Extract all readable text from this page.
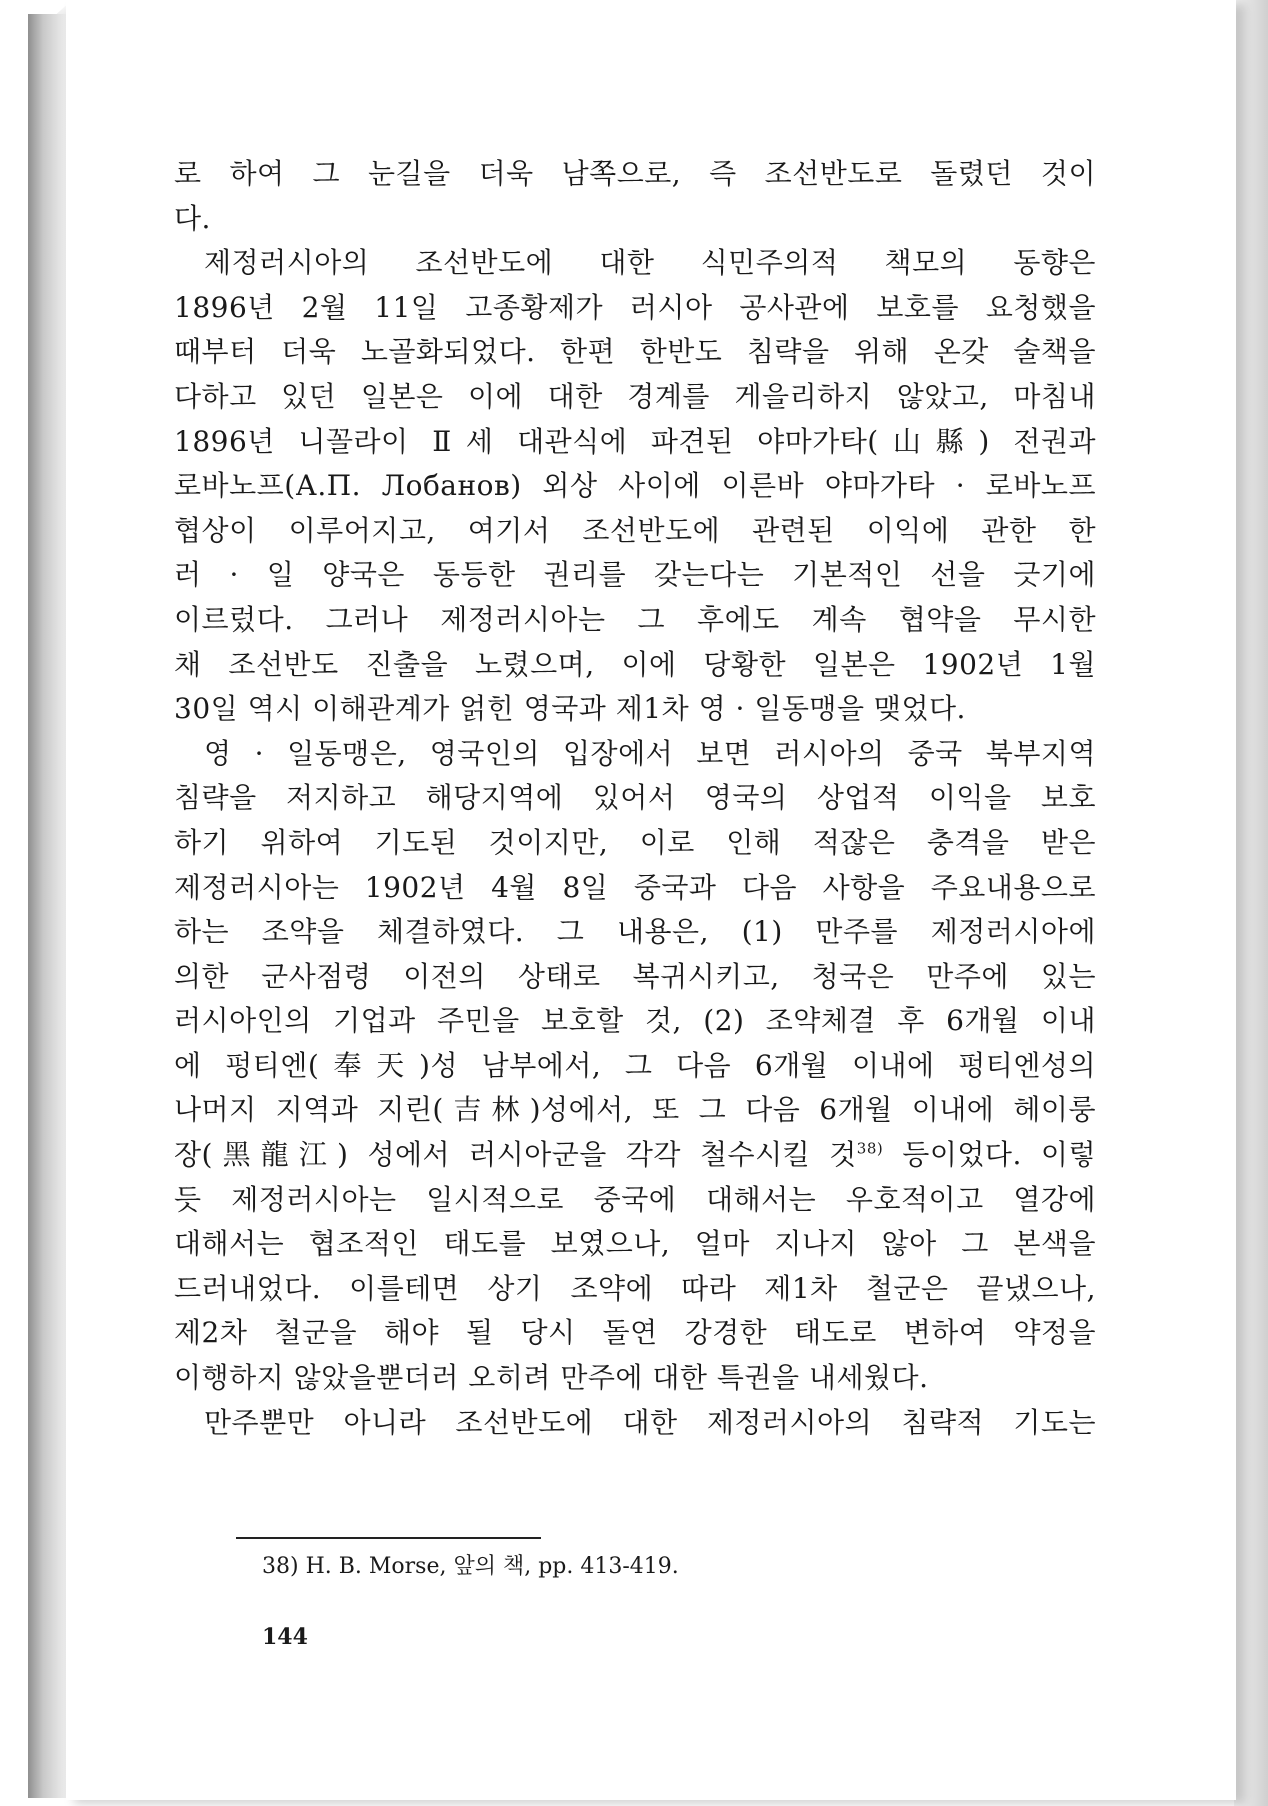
로 하여 그 눈길을 더욱 남쪽으로, 즉 조선반도로 돌렸던 것이
다.
제정러시아의 조선반도에 대한 식민주의적 책모의 동향은
1896년 2월 11일 고종황제가 러시아 공사관에 보호를 요청했을
때부터 더욱 노골화되었다. 한편 한반도 침략을 위해 온갖 술책을
다하고 있던 일본은 이에 대한 경계를 게을리하지 않았고, 마침내
1896년 니꼴라이 Ⅱ세 대관식에 파견된 야마가타(山縣) 전권과
로바노프(А.П. Лобанов) 외상 사이에 이른바 야마가타 · 로바노프
협상이 이루어지고, 여기서 조선반도에 관련된 이익에 관한 한
러 · 일 양국은 동등한 권리를 갖는다는 기본적인 선을 긋기에
이르렀다. 그러나 제정러시아는 그 후에도 계속 협약을 무시한
채 조선반도 진출을 노렸으며, 이에 당황한 일본은 1902년 1월
30일 역시 이해관계가 얽힌 영국과 제1차 영 · 일동맹을 맺었다.
영 · 일동맹은, 영국인의 입장에서 보면 러시아의 중국 북부지역
침략을 저지하고 해당지역에 있어서 영국의 상업적 이익을 보호
하기 위하여 기도된 것이지만, 이로 인해 적잖은 충격을 받은
제정러시아는 1902년 4월 8일 중국과 다음 사항을 주요내용으로
하는 조약을 체결하였다. 그 내용은, (1) 만주를 제정러시아에
의한 군사점령 이전의 상태로 복귀시키고, 청국은 만주에 있는
러시아인의 기업과 주민을 보호할 것, (2) 조약체결 후 6개월 이내
에 펑티엔(奉天)성 남부에서, 그 다음 6개월 이내에 펑티엔성의
나머지 지역과 지린(吉林)성에서, 또 그 다음 6개월 이내에 헤이룽
장(黑龍江) 성에서 러시아군을 각각 철수시킬 것$^{38)}$ 등이었다. 이렇
듯 제정러시아는 일시적으로 중국에 대해서는 우호적이고 열강에
대해서는 협조적인 태도를 보였으나, 얼마 지나지 않아 그 본색을
드러내었다. 이를테면 상기 조약에 따라 제1차 철군은 끝냈으나,
제2차 철군을 해야 될 당시 돌연 강경한 태도로 변하여 약정을
이행하지 않았을뿐더러 오히려 만주에 대한 특권을 내세웠다.
만주뿐만 아니라 조선반도에 대한 제정러시아의 침략적 기도는
38) H. B. Morse, 앞의 책, pp. 413-419.
144
